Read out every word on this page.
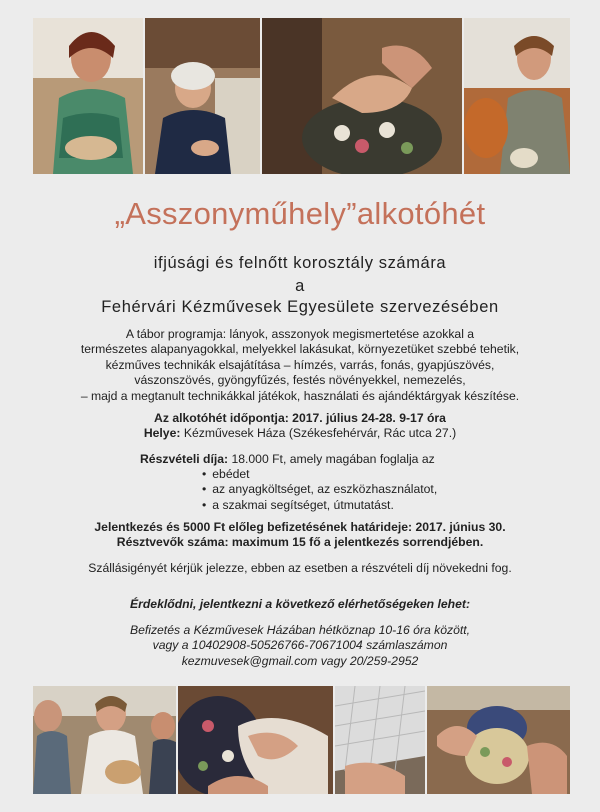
„Asszonyműhely”alkotóhét
ifjúsági és felnőtt korosztály számára
a
Fehérvári Kézművesek Egyesülete szervezésében

A tábor programja: lányok, asszonyok megismertetése azokkal a

természetes alapanyagokkal, melyekkel lakásukat, környezetüket szebbé tehetik,

kézműves technikák elsajátítása – hímzés, varrás, fonás, gyapjúszövés,

vászonszövés, gyöngyfűzés, festés növényekkel, nemezelés,

– majd a megtanult technikákkal játékok, használati és ajándéktárgyak készítése.

Az alkotóhét időpontja: 2017. július 24-28. 9-17 óra
Helye: Kézművesek Háza (Székesfehérvár, Rác utca 27.)
Részvételi díja: 18.000 Ft, amely magában foglalja az
• ebédet
• az anyagköltséget, az eszközhasználatot,
• a szakmai segítséget, útmutatást.
Jelentkezés és 5000 Ft előleg befizetésének határideje: 2017. június 30.
Résztvevők száma: maximum 15 fő a jelentkezés sorrendjében.
Szállásigényét kérjük jelezze, ebben az esetben a részvételi díj növekedni fog.
Érdeklődni, jelentkezni a következő elérhetőségeken lehet:

Befizetés a Kézművesek Házában hétköznap 10-16 óra között,

vagy a 10402908-50526766-70671004 számlaszámon

kezmuvesek@gmail.com vagy 20/259-2952
